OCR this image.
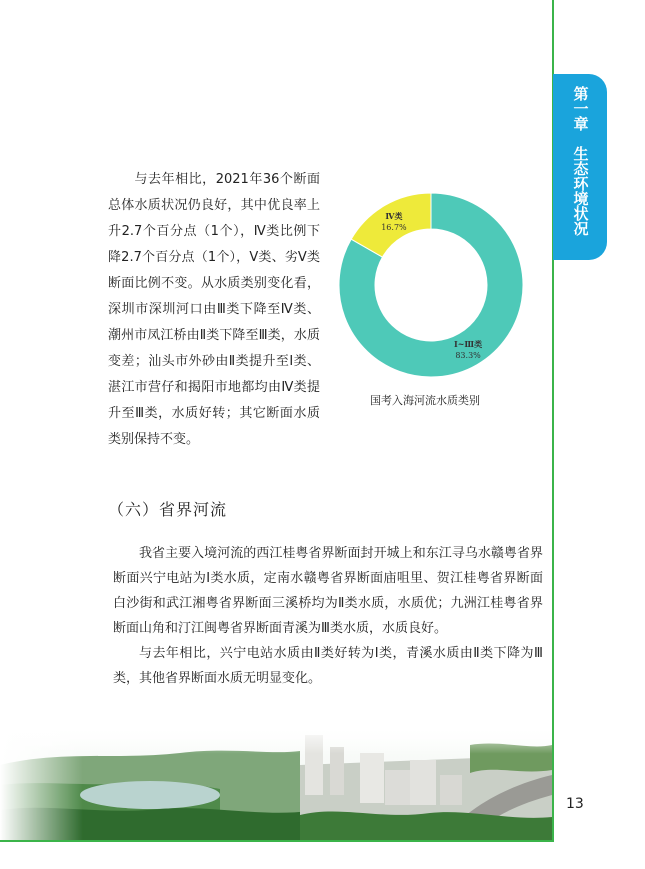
第一章
生态环境状况
与去年相比，2021年36个断面总体水质状况仍良好，其中优良率上升2.7个百分点（1个），Ⅳ类比例下降2.7个百分点（1个），Ⅴ类、劣Ⅴ类断面比例不变。从水质类别变化看，深圳市深圳河口由Ⅲ类下降至Ⅳ类、潮州市凤江桥由Ⅱ类下降至Ⅲ类，水质变差；汕头市外砂由Ⅱ类提升至Ⅰ类、湛江市营仔和揭阳市地都均由Ⅳ类提升至Ⅲ类，水质好转；其它断面水质类别保持不变。
Ⅰ~Ⅲ类
83.3%
Ⅳ类
16.7%
国考入海河流水质类别
（六）省界河流

我省主要入境河流的西江桂粤省界断面封开城上和东江寻乌水赣粤省界断面兴宁电站为Ⅰ类水质，定南水赣粤省界断面庙咀里、贺江桂粤省界断面白沙街和武江湘粤省界断面三溪桥均为Ⅱ类水质，水质优；九洲江桂粤省界断面山角和汀江闽粤省界断面青溪为Ⅲ类水质，水质良好。

与去年相比，兴宁电站水质由Ⅱ类好转为Ⅰ类，青溪水质由Ⅱ类下降为Ⅲ类，其他省界断面水质无明显变化。

13
